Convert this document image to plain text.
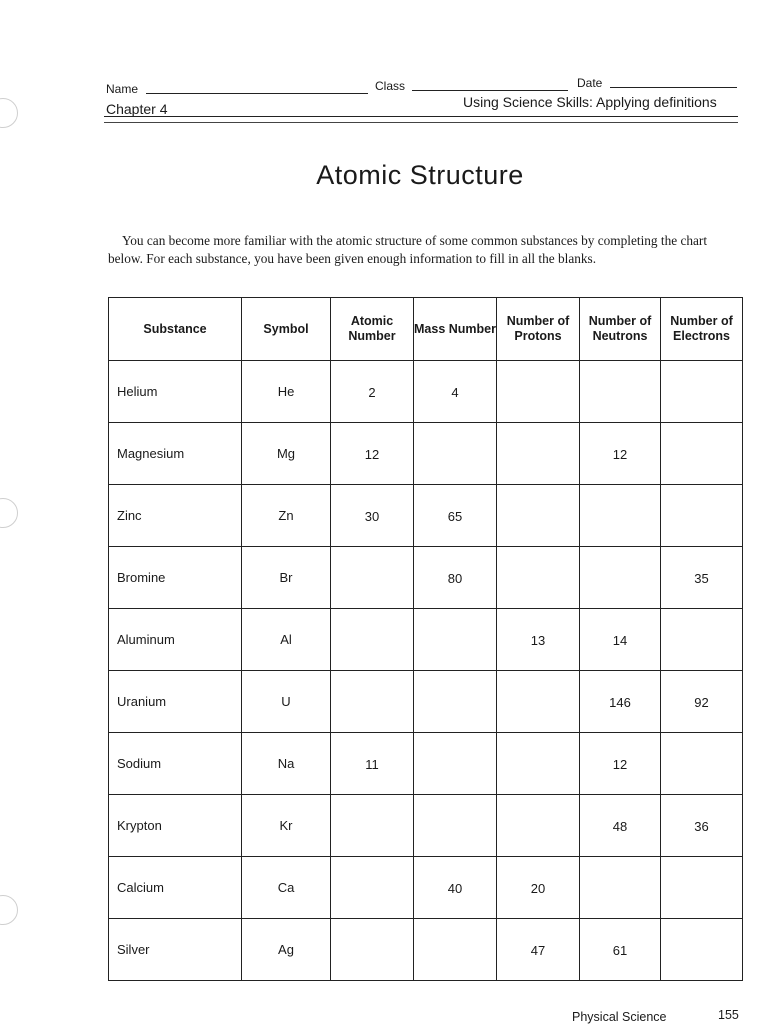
Name	Class	Date
Chapter 4	Using Science Skills: Applying definitions
Atomic Structure
You can become more familiar with the atomic structure of some common substances by completing the chart below. For each substance, you have been given enough information to fill in all the blanks.
Substance	Symbol	Atomic Number	Mass Number	Number of Protons	Number of Neutrons	Number of Electrons
Helium	He	2	4			
Magnesium	Mg	12			12	
Zinc	Zn	30	65			
Bromine	Br		80			35
Aluminum	Al			13	14	
Uranium	U				146	92
Sodium	Na	11			12	
Krypton	Kr				48	36
Calcium	Ca		40	20		
Silver	Ag			47	61	
Physical Science	155
